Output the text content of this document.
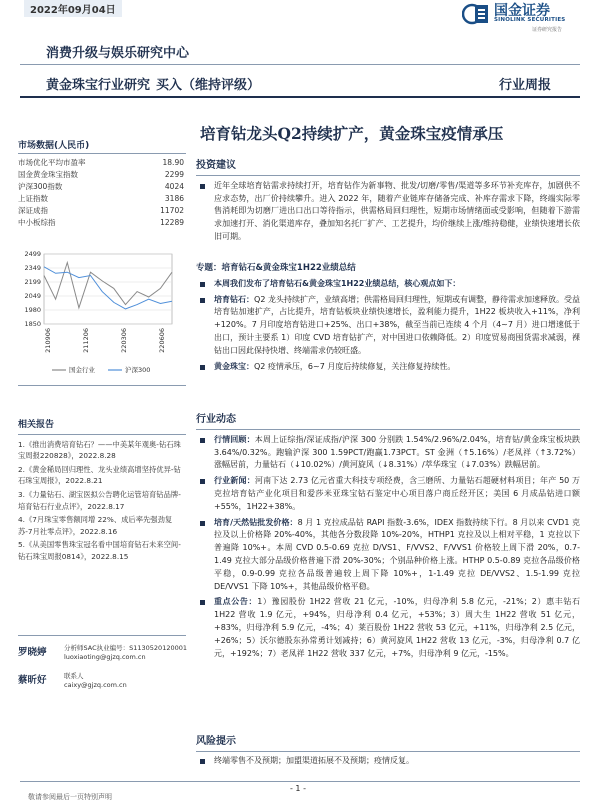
2022年09月04日	国金证券
SINOLINK SECURITIES
证券研究报告
消费升级与娱乐研究中心
黄金珠宝行业研究 买入（维持评级）	行业周报
市场数据(人民币)
市场优化平均市盈率	18.90
国金黄金珠宝指数	2299
沪深300指数	4024
上证指数	3186
深证成指	11702
中小板综指	12289
2499
2349
2199
2049
1980
1850
210906	211206	220306	220606
国金行业	沪深300
相关报告
1.《推出消费培育钻石？——中美某年观奥-钻石珠宝周报220828》，2022.8.28
2.《黄金稀局回归理性、龙头业绩高增坚持优异-钻石珠宝周报》，2022.8.21
3.《力量钻石、湖宝医拟公告聘化运管培育钻品牌-培育钻石行业点评》，2022.8.17
4.《7月珠宝零售额同增 22%、成后率先强劲复苏-7月社零点评》，2022.8.16
5.《从美国零售珠宝冠名看中国培育钻石未来空间-钻石珠宝周报0814》，2022.8.15
罗晓婷	分析师SAC执业编号：S1130520120001
luoxiaoting@gjzq.com.cn
蔡昕好	联系人
caixy@gjzq.com.cn
培育钻龙头Q2持续扩产，黄金珠宝疫情承压
投资建议
近年全球培育钻需求持续打开，培育钻作为新事物、批发/切磨/零售/渠道等多环节补充库存，加剧供不应求态势，出厂价持续攀升。进入 2022 年，随着产业链库存储备完成、补库存需求下降，终端实际零售消耗即为切磨厂进出口出口等待指示，供需格局回归理性，短期市场情绪面或受影响，但随着下游需求加速打开、消化渠道库存，叠加知名托厂扩产、工艺提升，均价继续上涨/维持稳健，业绩快速增长依旧可期。
专题：培育钻石&黄金珠宝1H22业绩总结
本周我们发布了培育钻石&黄金珠宝1H22业绩总结，核心观点如下：
培育钻石：Q2 龙头持续扩产，业绩高增；供需格局回归理性，短期或有调整，静待需求加速释放。受益培育钻加速扩产，占比提升，培育钻板块业绩快速增长，盈利能力提升，1H22 板块收入+11%，净利+120%。7 月印度培育钻进口+25%、出口+38%，截至当前已连续 4 个月（4~7 月）进口增速低于出口，预计主要系 1）印度 CVD 培育钻扩产，对中国进口依赖降低。2）印度贸易商囤货需求减弱，裸钻出口因此保持快增、终端需求仍较旺盛。
黄金珠宝：Q2 疫情承压，6~7 月度后持续修复，关注修复持续性。
行业动态
行情回顾：本周上证综指/深证成指/沪深 300 分别跌 1.54%/2.96%/2.04%，培育钻/黄金珠宝板块跌 3.64%/0.32%。跑输沪深 300 1.59PCT/跑赢1.73PCT。ST 金洲（↑5.16%）/老凤祥（↑3.72%）涨幅居前，力量钻石（↓10.02%）/黄河旋风（↓8.31%）/萃华珠宝（↓7.03%）跌幅居前。
行业新闻：河南下达 2.73 亿元省重大科技专项经费，含三磨所、力量钻石超硬材料项目；年产 50 万克拉培育钻产业化项目和爱莎米亚珠宝钻石鉴定中心项目落户商丘经开区；美国 6 月成品钻进口额+55%，1H22+38%。
培育/天然钻批发价格：8 月 1 克拉成品钻 RAPI 指数-3.6%，IDEX 指数持续下行。8 月以来 CVD1 克拉及以上价格降 20%-40%，其他各分数段降 10%-20%，HTHP1 克拉及以上相对平稳，1 克拉以下普遍降 10%+。本周 CVD 0.5-0.69 克拉 D/VS1、F/VVS2、F/VVS1 价格较上周下滑 20%，0.7-1.49 克拉大部分品级价格普遍下滑 20%-30%；个别品种价格上涨。HTHP 0.5-0.89 克拉各品级价格平稳，0.9-0.99 克拉各品级普遍较上周下降 10%+，1-1.49 克拉 DE/VVS2、1.5-1.99 克拉 DE/VVS1 下降 10%+，其他品级价格平稳。
重点公告：1）豫园股份 1H22 营收 21 亿元，-10%，归母净利 5.8 亿元，-21%；2）惠丰钻石 1H22 营收 1.9 亿元，+94%，归母净利 0.4 亿元，+53%；3）周大生 1H22 营收 51 亿元，+83%，归母净利 5.9 亿元，-4%；4）莱百股份 1H22 营收 53 亿元，+11%，归母净利 2.5 亿元，+26%；5）沃尔德股东孙常勇计划减持；6）黄河旋风 1H22 营收 13 亿元，-3%，归母净利 0.7 亿元，+192%；7）老凤祥 1H22 营收 337 亿元，+7%，归母净利 9 亿元，-15%。
风险提示
终端零售不及预期；加盟渠道拓展不及预期；疫情反复。
- 1 -
敬请参阅最后一页特别声明
